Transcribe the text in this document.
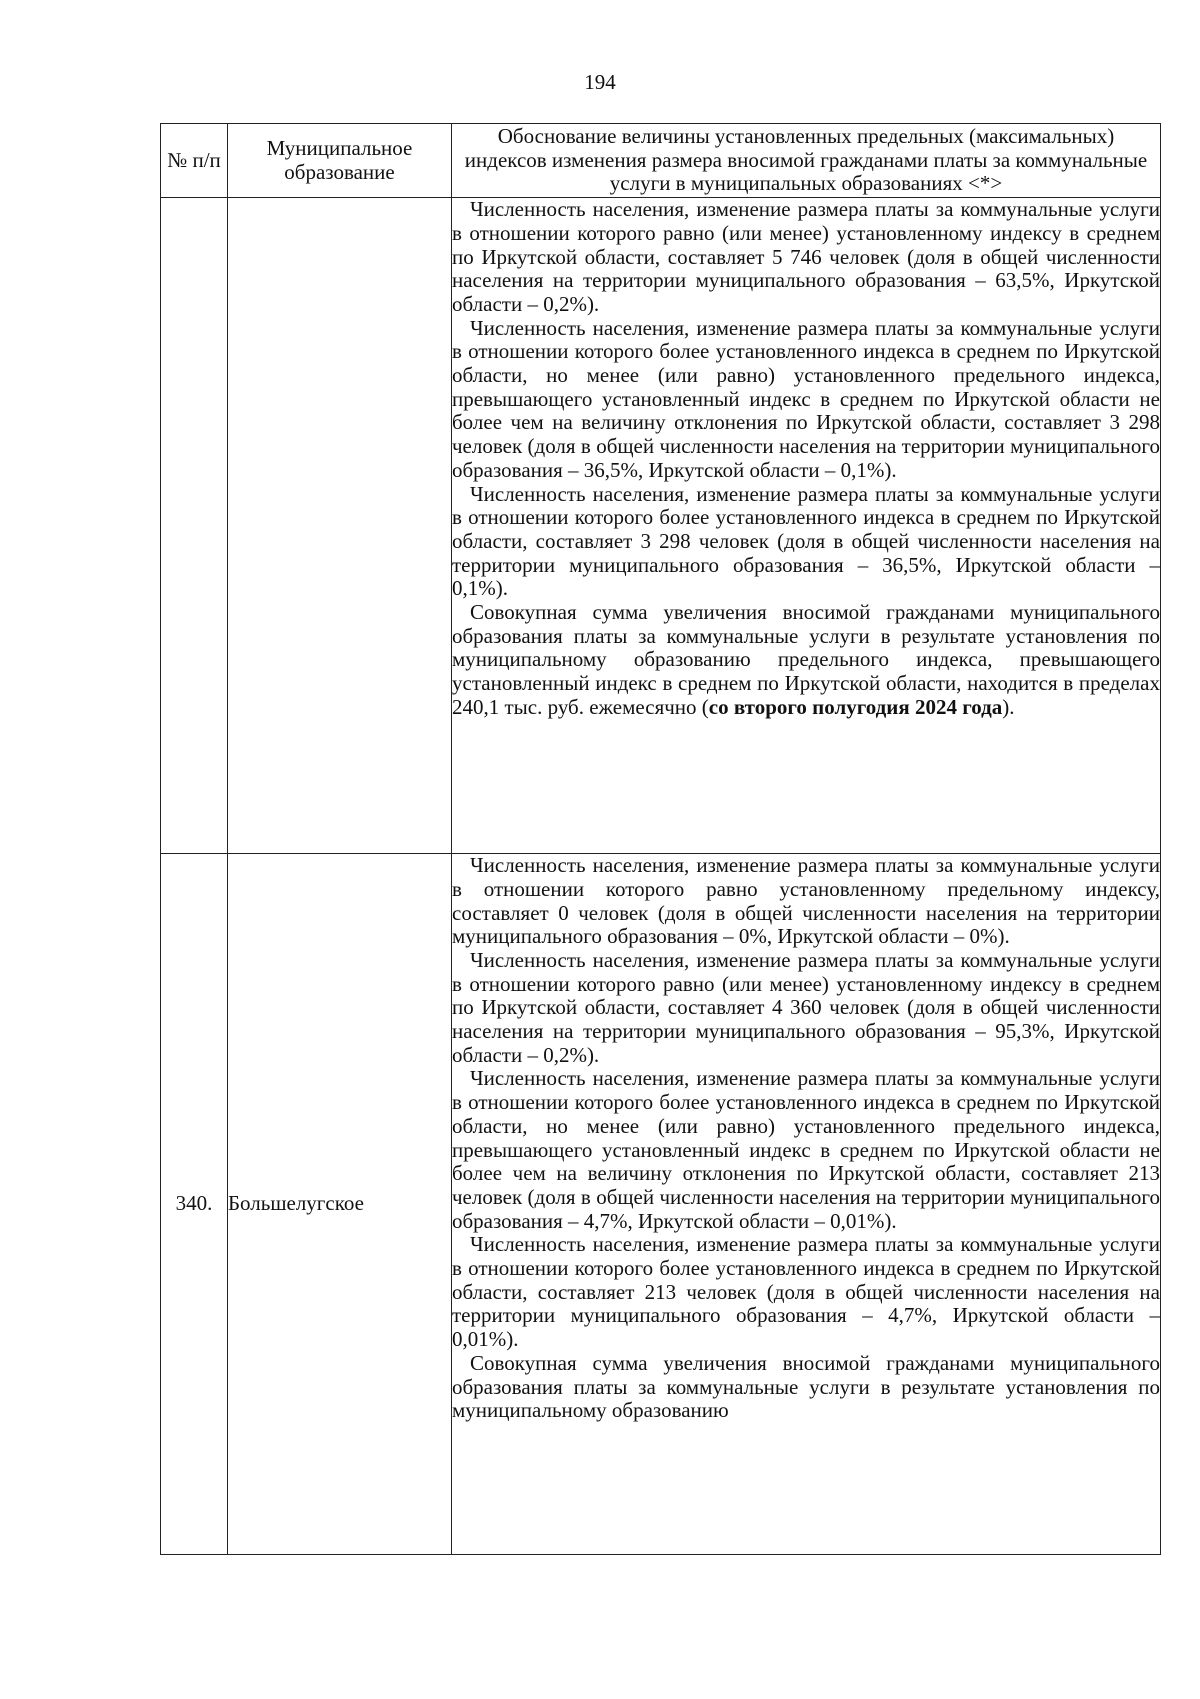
194
№ п/п	Муниципальное образование	Обоснование величины установленных предельных (максимальных) индексов изменения размера вносимой гражданами платы за коммунальные услуги в муниципальных образованиях <*>

		Численность населения, изменение размера платы за коммунальные услуги в отношении которого равно (или менее) установленному индексу в среднем по Иркутской области, составляет 5 746 человек (доля в общей численности населения на территории муниципального образования – 63,5%, Иркутской области – 0,2%).

Численность населения, изменение размера платы за коммунальные услуги в отношении которого более установленного индекса в среднем по Иркутской области, но менее (или равно) установленного предельного индекса, превышающего установленный индекс в среднем по Иркутской области не более чем на величину отклонения по Иркутской области, составляет 3 298 человек (доля в общей численности населения на территории муниципального образования – 36,5%, Иркутской области – 0,1%).

Численность населения, изменение размера платы за коммунальные услуги в отношении которого более установленного индекса в среднем по Иркутской области, составляет 3 298 человек (доля в общей численности населения на территории муниципального образования – 36,5%, Иркутской области – 0,1%).

Совокупная сумма увеличения вносимой гражданами муниципального образования платы за коммунальные услуги в результате установления по муниципальному образованию предельного индекса, превышающего установленный индекс в среднем по Иркутской области, находится в пределах 240,1 тыс. руб. ежемесячно (со второго полугодия 2024 года).

340.	Большелугское	Численность населения, изменение размера платы за коммунальные услуги в отношении которого равно установленному предельному индексу, составляет 0 человек (доля в общей численности населения на территории муниципального образования – 0%, Иркутской области – 0%).

Численность населения, изменение размера платы за коммунальные услуги в отношении которого равно (или менее) установленному индексу в среднем по Иркутской области, составляет 4 360 человек (доля в общей численности населения на территории муниципального образования – 95,3%, Иркутской области – 0,2%).

Численность населения, изменение размера платы за коммунальные услуги в отношении которого более установленного индекса в среднем по Иркутской области, но менее (или равно) установленного предельного индекса, превышающего установленный индекс в среднем по Иркутской области не более чем на величину отклонения по Иркутской области, составляет 213 человек (доля в общей численности населения на территории муниципального образования – 4,7%, Иркутской области – 0,01%).

Численность населения, изменение размера платы за коммунальные услуги в отношении которого более установленного индекса в среднем по Иркутской области, составляет 213 человек (доля в общей численности населения на территории муниципального образования – 4,7%, Иркутской области – 0,01%).

Совокупная сумма увеличения вносимой гражданами муниципального образования платы за коммунальные услуги в результате установления по муниципальному образованию
